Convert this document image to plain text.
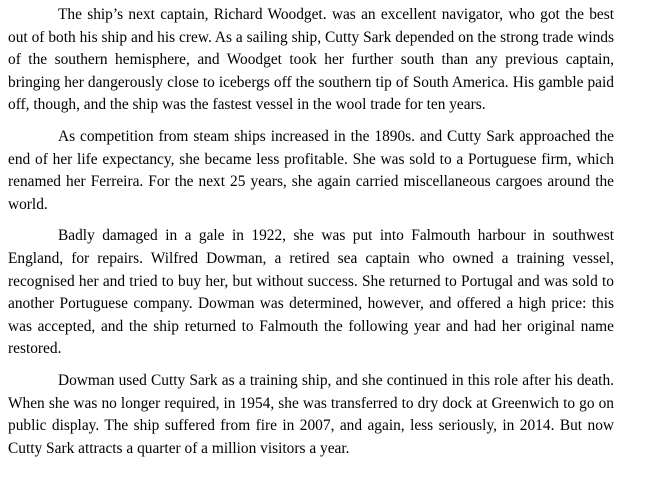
The ship’s next captain, Richard Woodget. was an excellent navigator, who got the best out of both his ship and his crew. As a sailing ship, Cutty Sark depended on the strong trade winds of the southern hemisphere, and Woodget took her further south than any previous captain, bringing her dangerously close to icebergs off the southern tip of South America. His gamble paid off, though, and the ship was the fastest vessel in the wool trade for ten years.

As competition from steam ships increased in the 1890s. and Cutty Sark approached the end of her life expectancy, she became less profitable. She was sold to a Portuguese firm, which renamed her Ferreira. For the next 25 years, she again carried miscellaneous cargoes around the world.

Badly damaged in a gale in 1922, she was put into Falmouth harbour in southwest England, for repairs. Wilfred Dowman, a retired sea captain who owned a training vessel, recognised her and tried to buy her, but without success. She returned to Portugal and was sold to another Portuguese company. Dowman was determined, however, and offered a high price: this was accepted, and the ship returned to Falmouth the following year and had her original name restored.

Dowman used Cutty Sark as a training ship, and she continued in this role after his death. When she was no longer required, in 1954, she was transferred to dry dock at Greenwich to go on public display. The ship suffered from fire in 2007, and again, less seriously, in 2014. But now Cutty Sark attracts a quarter of a million visitors a year.
